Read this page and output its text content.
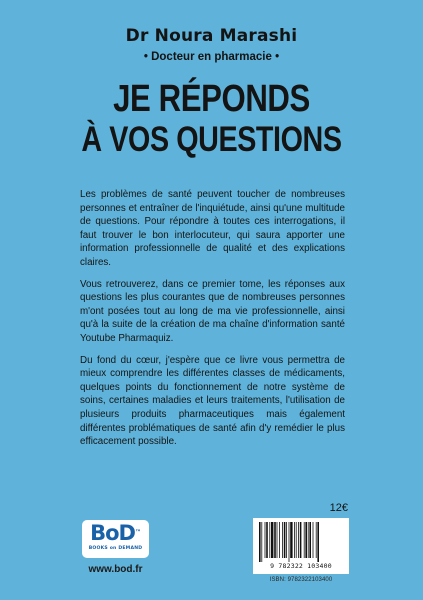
Dr Noura Marashi
• Docteur en pharmacie •
JE RÉPONDS
À VOS QUESTIONS

Les problèmes de santé peuvent toucher de nombreuses personnes et entraîner de l'inquiétude, ainsi qu'une multitude de questions. Pour répondre à toutes ces interrogations, il faut trouver le bon interlocuteur, qui saura apporter une information professionnelle de qualité et des explications claires.

Vous retrouverez, dans ce premier tome, les réponses aux questions les plus courantes que de nombreuses personnes m'ont posées tout au long de ma vie professionnelle, ainsi qu'à la suite de la création de ma chaîne d'information santé Youtube Pharmaquiz.

Du fond du cœur, j'espère que ce livre vous permettra de mieux comprendre les différentes classes de médicaments, quelques points du fonctionnement de notre système de soins, certaines maladies et leurs traitements, l'utilisation de plusieurs produits pharmaceutiques mais également différentes problématiques de santé afin d'y remédier le plus efficacement possible.

12€
BoD™
BOOKS on DEMAND
www.bod.fr	9 782322 103400
ISBN: 9782322103400
